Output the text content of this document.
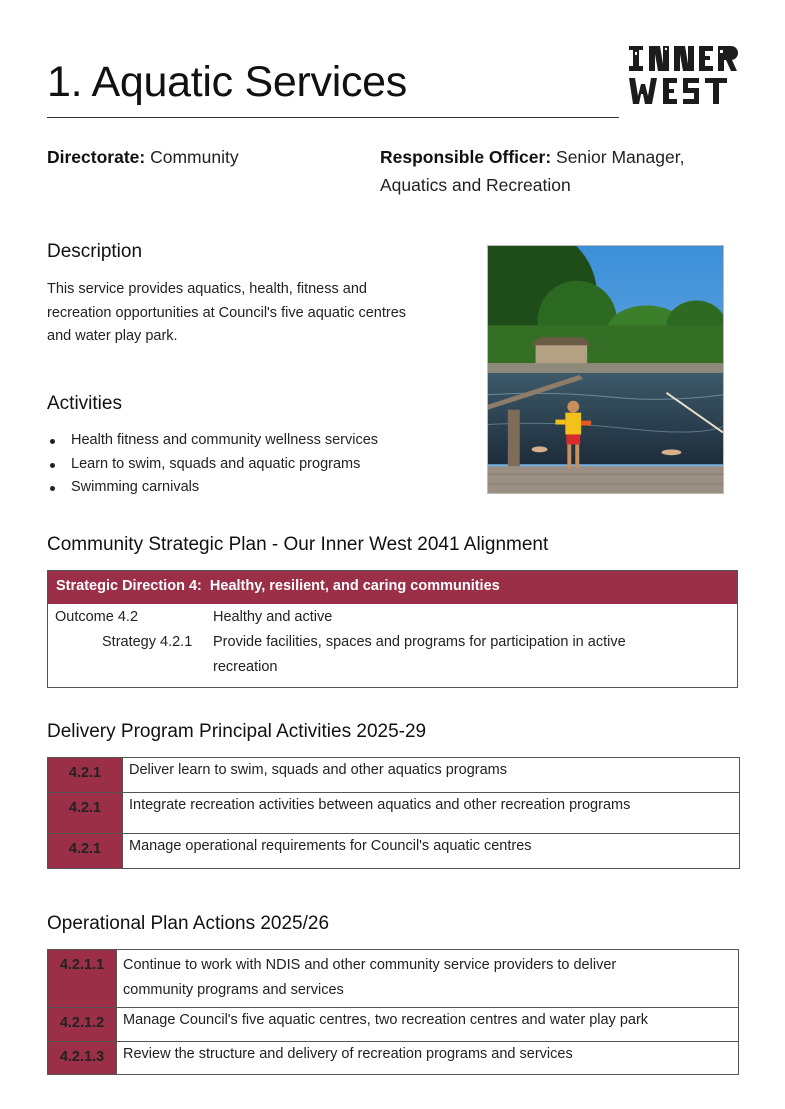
1. Aquatic Services
Directorate: Community	Responsible Officer: Senior Manager,
Aquatics and Recreation
Description
This service provides aquatics, health, fitness and
recreation opportunities at Council's five aquatic centres
and water play park.
Activities
Health fitness and community wellness services
Learn to swim, squads and aquatic programs
Swimming carnivals
Community Strategic Plan - Our Inner West 2041 Alignment
Strategic Direction 4: Healthy, resilient, and caring communities
Outcome 4.2	Healthy and active
Strategy 4.2.1 Provide facilities, spaces and programs for participation in active
recreation
Delivery Program Principal Activities 2025-29
4.2.1	Deliver learn to swim, squads and other aquatics programs
4.2.1	Integrate recreation activities between aquatics and other recreation programs
4.2.1	Manage operational requirements for Council's aquatic centres
Operational Plan Actions 2025/26
4.2.1.1	Continue to work with NDIS and other community service providers to deliver
community programs and services

4.2.1.2	Manage Council's five aquatic centres, two recreation centres and water play park
4.2.1.3	Review the structure and delivery of recreation programs and services
